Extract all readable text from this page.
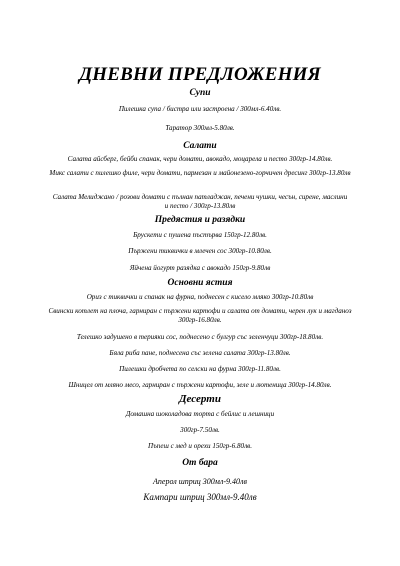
ДНЕВНИ ПРЕДЛОЖЕНИЯ
Супи
Пилешка супа / бистра или застроена / 300мл-6.40лв.
Таратор 300мл-5.80лв.
Салати
Салата айсберг, бейби спанак, чери домати, авокадо, моцарела и песто 300гр-14.80лв.
Микс салати с пилешко филе, чери домати, пармезан и майонезено-горчичен дресинг 300гр-13.80лв
Салата Мелиджано / розови домати с пълнан патладжан, печени чушки, чесън, сирене, маслини и песто / 300гр-13.80лв
Предястия и разядки
Брускети с пушена пъстърва 150гр-12.80лв.
Пържени тиквички в млечен сос 300гр-10.80лв.
Яйчена йогурт разядка с авокадо 150гр-9.80лв
Основни ястия
Ориз с тиквички и спанак на фурна, поднесен с кисело мляко 300гр-10.80лв
Свински котлет на плоча, гарниран с пържени картофи и салата от домати, черен лук и магданоз 300гр-16.80лв.
Телешко задушено в терияки сос, поднесено с булгур със зеленчуци 300гр-18.80лв.
Бяла риба пане, поднесена със зелена салата 300гр-13.80лв.
Пилешки дробчета по селски на фурна 300гр-11.80лв.
Шницел от мляно месо, гарниран с пържени картофи, зеле и лютеница 300гр-14.80лв.
Десерти
Домашна шоколадова торта с бейлис и лешници
300гр-7.50лв.
Пъпеш с мед и орехи 150гр-6.80лв.
От бара
Аперол шприц 300мл-9.40лв
Кампари шприц 300мл-9.40лв
